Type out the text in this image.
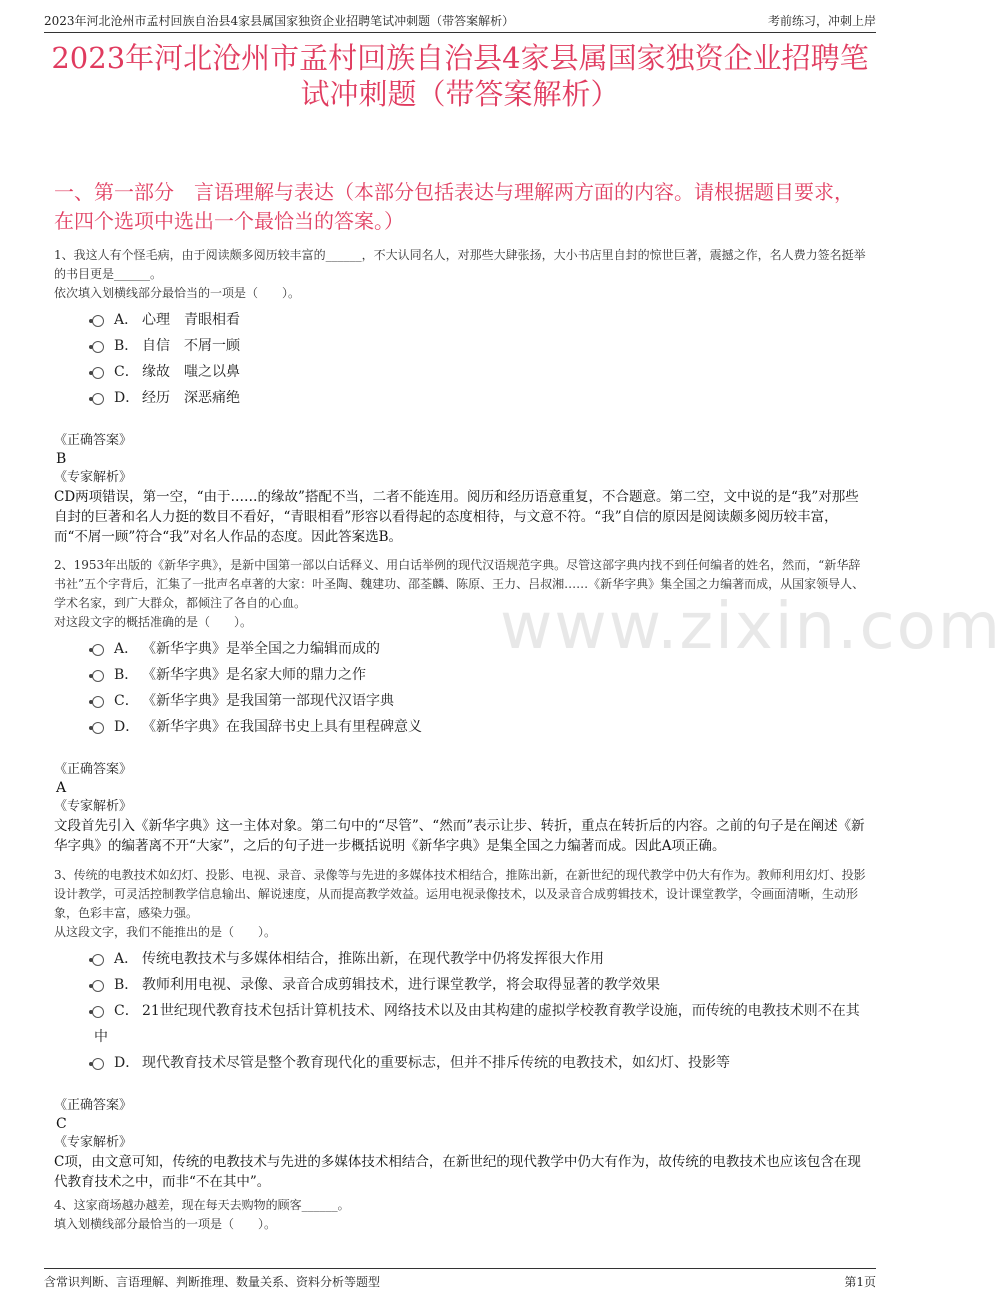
2023年河北沧州市孟村回族自治县4家县属国家独资企业招聘笔试冲刺题（带答案解析）	考前练习，冲刺上岸
www.zixin.com
2023年河北沧州市孟村回族自治县4家县属国家独资企业招聘笔试冲刺题（带答案解析）
一、第一部分　言语理解与表达（本部分包括表达与理解两方面的内容。请根据题目要求，在四个选项中选出一个最恰当的答案。）

1、我这人有个怪毛病，由于阅读颇多阅历较丰富的______，不大认同名人，对那些大肆张扬，大小书店里自封的惊世巨著，震撼之作，名人费力签名挺举的书目更是______。

依次填入划横线部分最恰当的一项是（　　）。

A． 心理　青眼相看
B． 自信　不屑一顾
C． 缘故　嗤之以鼻
D． 经历　深恶痛绝
《正确答案》
B
《专家解析》
CD两项错误，第一空，“由于……的缘故”搭配不当，二者不能连用。阅历和经历语意重复，不合题意。第二空，文中说的是“我”对那些自封的巨著和名人力挺的数目不看好，“青眼相看”形容以看得起的态度相待，与文意不符。“我”自信的原因是阅读颇多阅历较丰富，而“不屑一顾”符合“我”对名人作品的态度。因此答案选B。

2、1953年出版的《新华字典》，是新中国第一部以白话释义、用白话举例的现代汉语规范字典。尽管这部字典内找不到任何编者的姓名，然而，“新华辞书社”五个字背后，汇集了一批声名卓著的大家：叶圣陶、魏建功、邵荃麟、陈原、王力、吕叔湘……《新华字典》集全国之力编著而成，从国家领导人、学术名家，到广大群众，都倾注了各自的心血。

对这段文字的概括准确的是（　　）。

A． 《新华字典》是举全国之力编辑而成的
B． 《新华字典》是名家大师的鼎力之作
C． 《新华字典》是我国第一部现代汉语字典
D． 《新华字典》在我国辞书史上具有里程碑意义
《正确答案》
A
《专家解析》
文段首先引入《新华字典》这一主体对象。第二句中的“尽管”、“然而”表示让步、转折，重点在转折后的内容。之前的句子是在阐述《新华字典》的编著离不开“大家”，之后的句子进一步概括说明《新华字典》是集全国之力编著而成。因此A项正确。

3、传统的电教技术如幻灯、投影、电视、录音、录像等与先进的多媒体技术相结合，推陈出新，在新世纪的现代教学中仍大有作为。教师利用幻灯、投影设计教学，可灵活控制教学信息输出、解说速度，从而提高教学效益。运用电视录像技术，以及录音合成剪辑技术，设计课堂教学，令画面清晰，生动形象，色彩丰富，感染力强。

从这段文字，我们不能推出的是（　　）。

A． 传统电教技术与多媒体相结合，推陈出新，在现代教学中仍将发挥很大作用
B． 教师利用电视、录像、录音合成剪辑技术，进行课堂教学，将会取得显著的教学效果
C． 21世纪现代教育技术包括计算机技术、网络技术以及由其构建的虚拟学校教育教学设施，而传统的电教技术则不在其中
D． 现代教育技术尽管是整个教育现代化的重要标志，但并不排斥传统的电教技术，如幻灯、投影等
《正确答案》
C
《专家解析》
C项，由文意可知，传统的电教技术与先进的多媒体技术相结合，在新世纪的现代教学中仍大有作为，故传统的电教技术也应该包含在现代教育技术之中，而非“不在其中”。

4、这家商场越办越差，现在每天去购物的顾客______。

填入划横线部分最恰当的一项是（　　）。

含常识判断、言语理解、判断推理、数量关系、资料分析等题型	第1页
